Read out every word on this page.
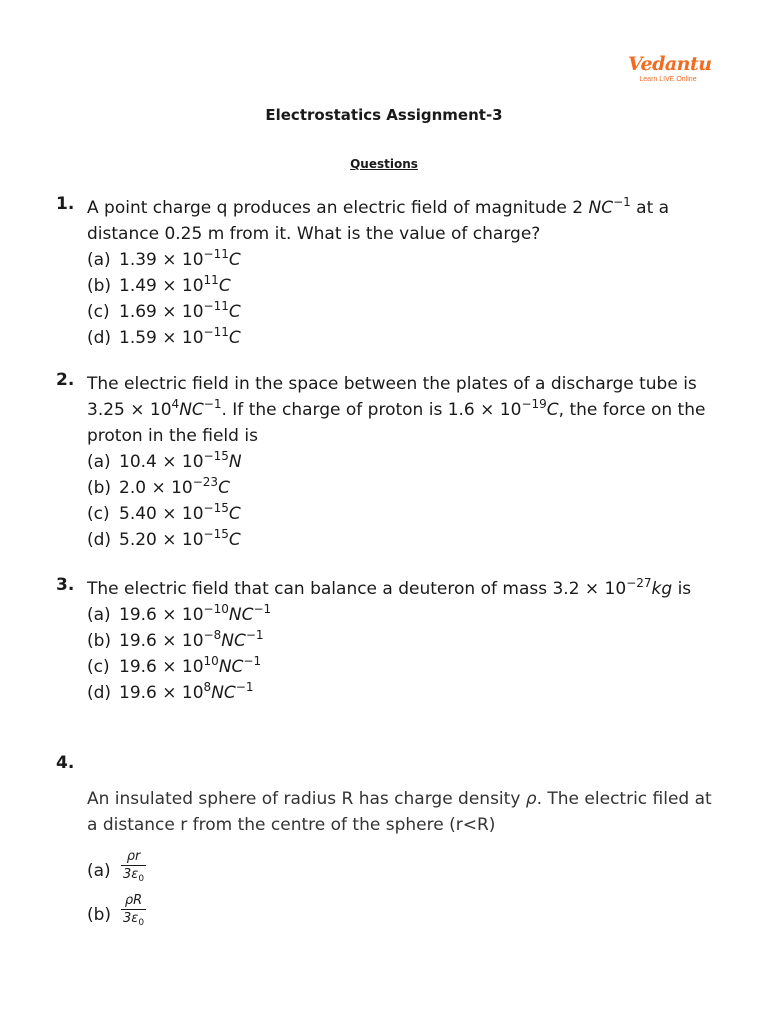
Vedantu
Learn LIVE Online
Electrostatics Assignment-3
Questions
1. A point charge q produces an electric field of magnitude 2 $NC^{-1}$ at a distance 0.25 m from it. What is the value of charge?
(a) $1.39 \times 10^{-11}C$
(b) $1.49 \times 10^{11}C$
(c) $1.69 \times 10^{-11}C$
(d) $1.59 \times 10^{-11}C$
2. The electric field in the space between the plates of a discharge tube is $3.25 \times 10^4NC^{-1}$. If the charge of proton is $1.6 \times 10^{-19}C$, the force on the proton in the field is
(a) $10.4 \times 10^{-15}N$
(b) $2.0 \times 10^{-23}C$
(c) $5.40 \times 10^{-15}C$
(d) $5.20 \times 10^{-15}C$
3. The electric field that can balance a deuteron of mass $3.2 \times 10^{-27}kg$ is
(a) $19.6 \times 10^{-10}NC^{-1}$
(b) $19.6 \times 10^{-8}NC^{-1}$
(c) $19.6 \times 10^{10}NC^{-1}$
(d) $19.6 \times 10^8NC^{-1}$
4.
An insulated sphere of radius R has charge density ρ. The electric filed at a distance r from the centre of the sphere (r<R)
$(a) \frac{\rho r}{3\varepsilon_0}$
$(b) \frac{\rho R}{3\varepsilon_0}$
